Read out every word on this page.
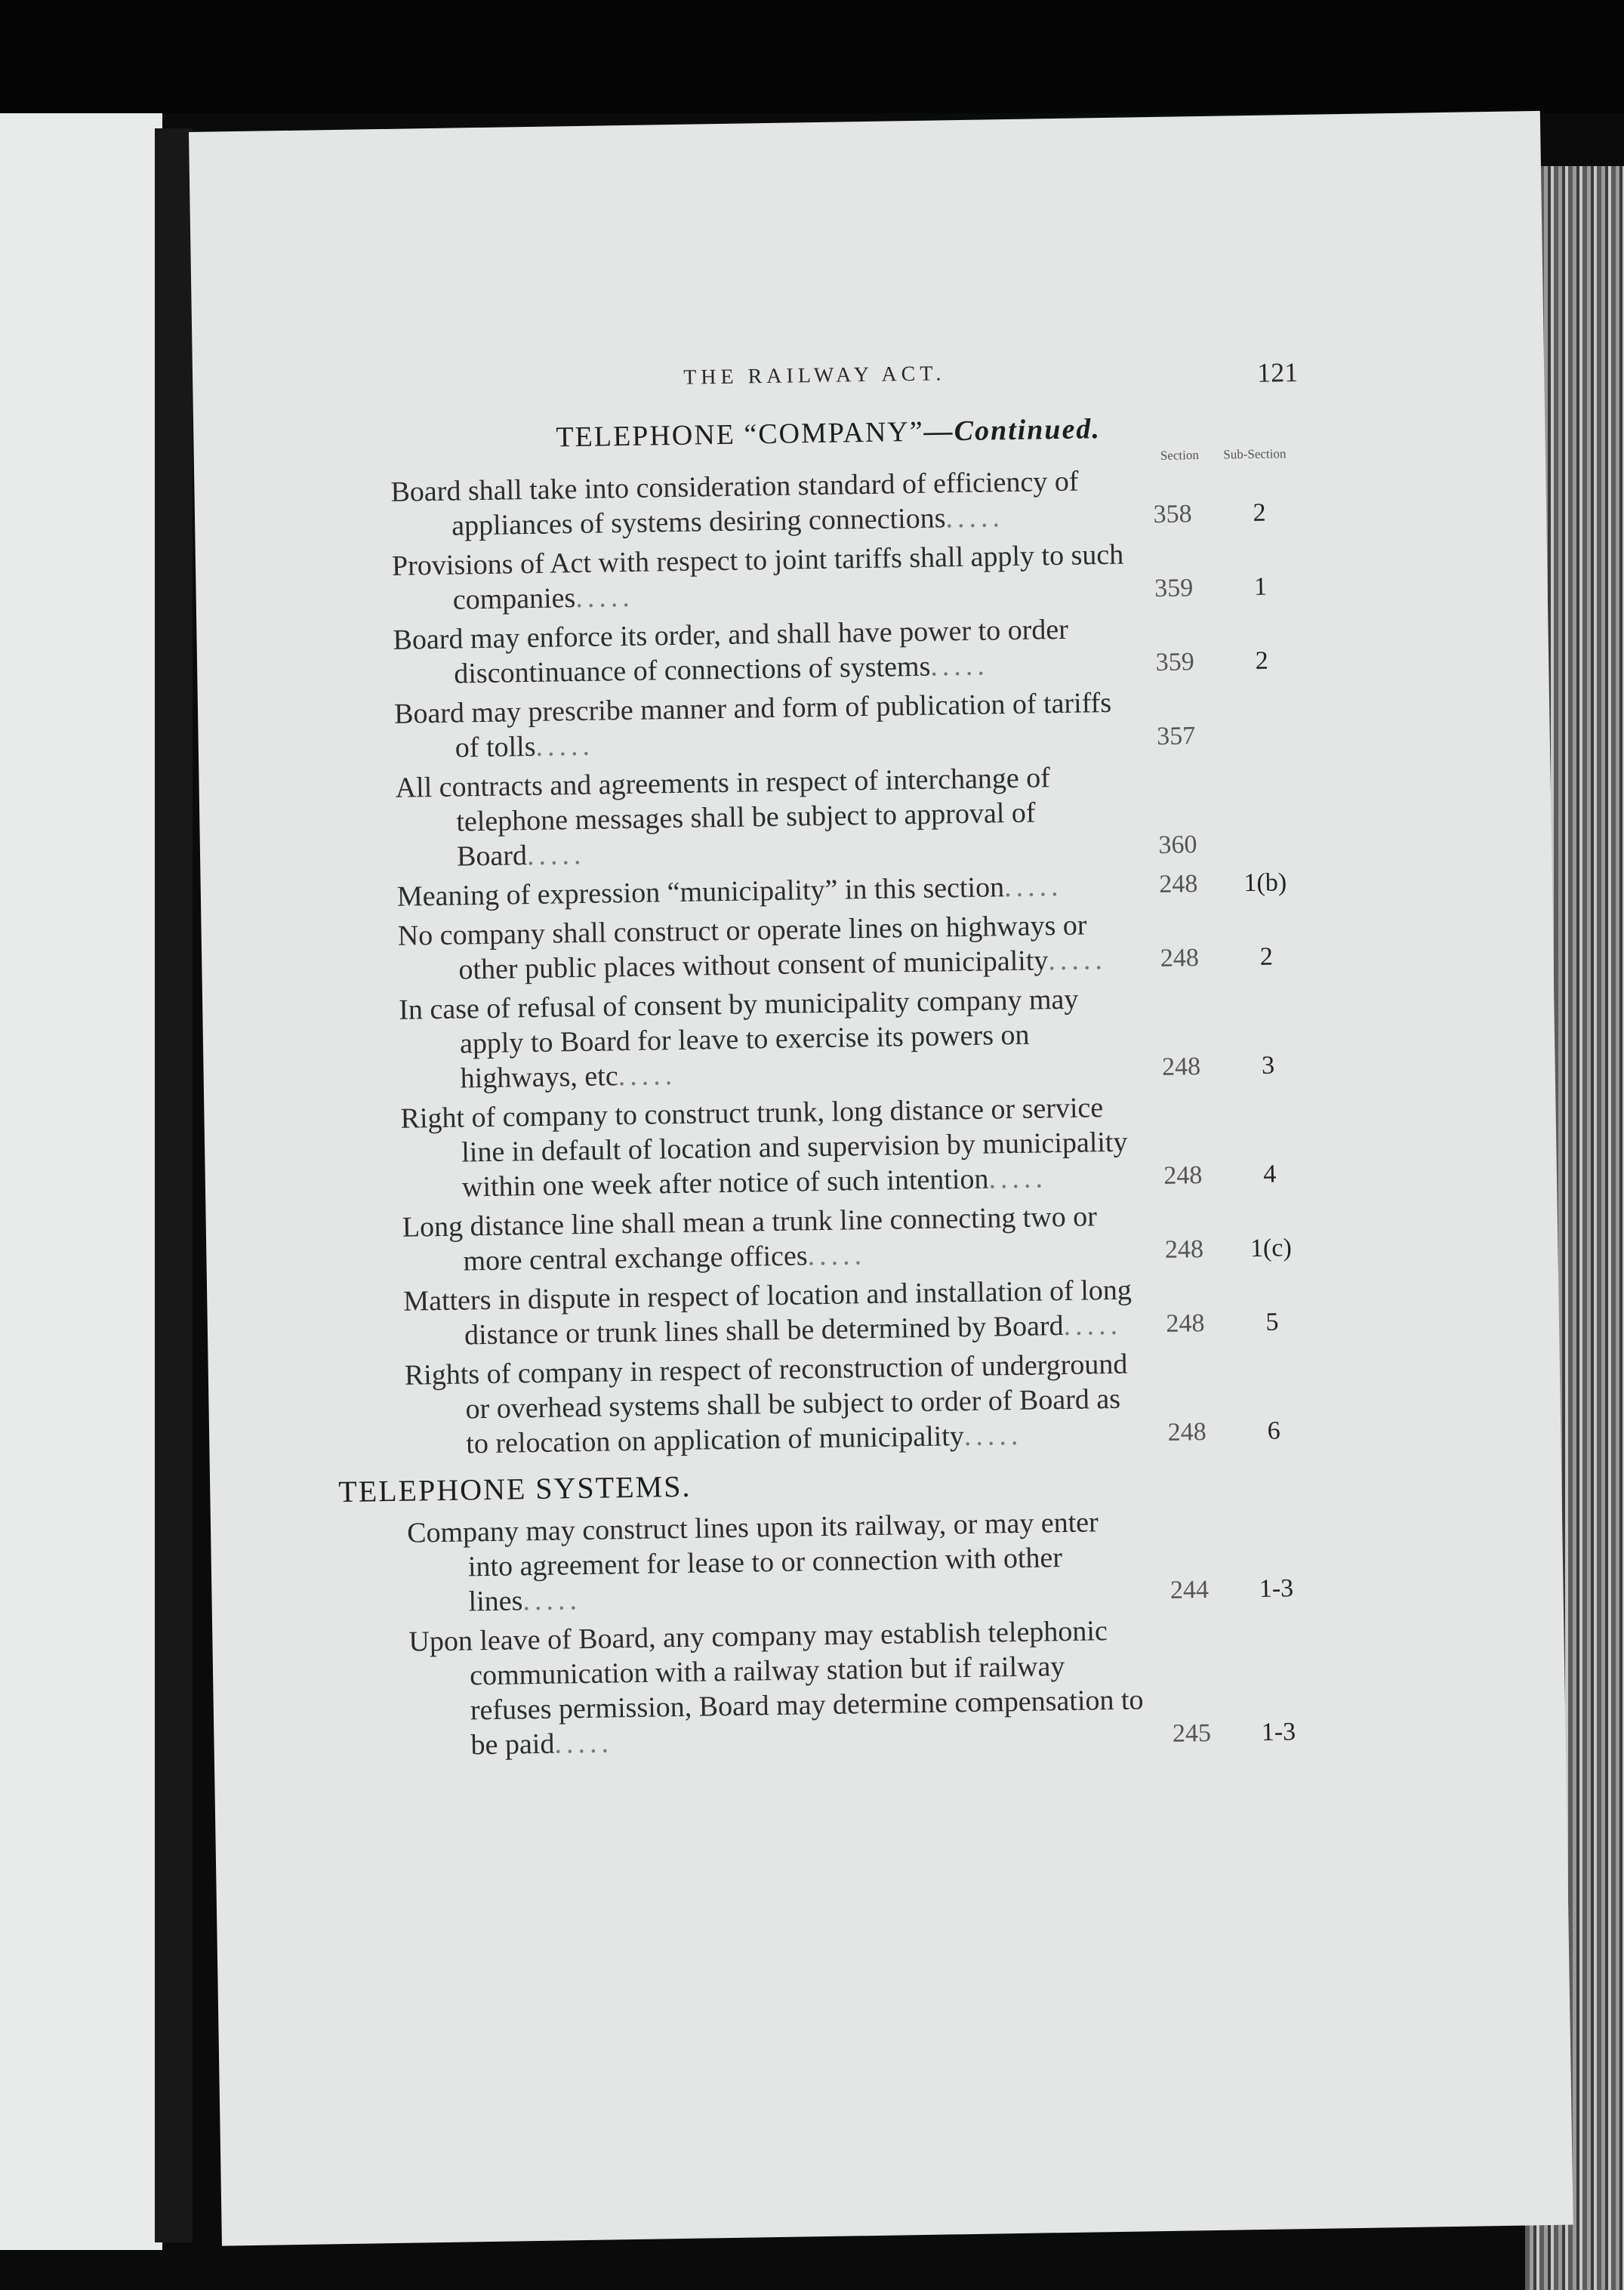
THE RAILWAY ACT.	121
TELEPHONE “COMPANY”—Continued.
Section Sub-Section
Board shall take into consideration standard of efficiency of appliances of systems desiring connections.....	358	2
Provisions of Act with respect to joint tariffs shall apply to such companies.....	359	1
Board may enforce its order, and shall have power to order discontinuance of connections of systems.....	359	2
Board may prescribe manner and form of publication of tariffs of tolls.....	357
All contracts and agreements in respect of interchange of telephone messages shall be subject to approval of Board.....	360
Meaning of expression “municipality” in this section.....	248	1(b)
No company shall construct or operate lines on highways or other public places without consent of municipality.....	248	2
In case of refusal of consent by municipality company may apply to Board for leave to exercise its powers on highways, etc.....	248	3
Right of company to construct trunk, long distance or service line in default of location and supervision by municipality within one week after notice of such intention.....	248	4
Long distance line shall mean a trunk line connecting two or more central exchange offices.....	248	1(c)
Matters in dispute in respect of location and installation of long distance or trunk lines shall be determined by Board.....	248	5
Rights of company in respect of reconstruction of underground or overhead systems shall be subject to order of Board as to relocation on application of municipality.....	248	6
TELEPHONE SYSTEMS.
Company may construct lines upon its railway, or may enter into agreement for lease to or connection with other lines.....	244	1-3
Upon leave of Board, any company may establish telephonic communication with a railway station but if railway refuses permission, Board may determine compensation to be paid.....	245	1-3
